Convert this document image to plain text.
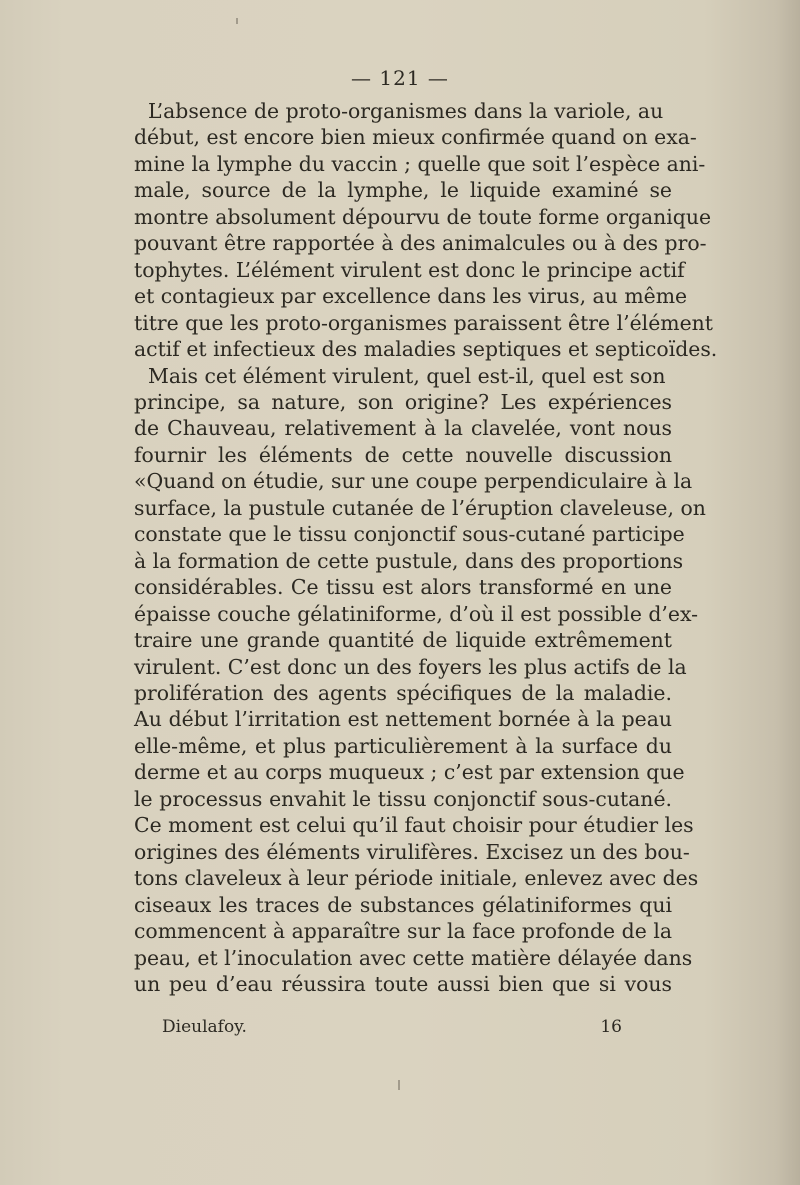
— 121 —
L’absence de proto-organismes dans la variole, au
début, est encore bien mieux confirmée quand on exa-
mine la lymphe du vaccin ; quelle que soit l’espèce ani-
male, source de la lymphe, le liquide examiné se
montre absolument dépourvu de toute forme organique
pouvant être rapportée à des animalcules ou à des pro-
tophytes. L’élément virulent est donc le principe actif
et contagieux par excellence dans les virus, au même
titre que les proto-organismes paraissent être l’élément
actif et infectieux des maladies septiques et septicoïdes.
Mais cet élément virulent, quel est-il, quel est son
principe, sa nature, son origine? Les expériences
de Chauveau, relativement à la clavelée, vont nous
fournir les éléments de cette nouvelle discussion
«Quand on étudie, sur une coupe perpendiculaire à la
surface, la pustule cutanée de l’éruption claveleuse, on
constate que le tissu conjonctif sous-cutané participe
à la formation de cette pustule, dans des proportions
considérables. Ce tissu est alors transformé en une
épaisse couche gélatiniforme, d’où il est possible d’ex-
traire une grande quantité de liquide extrêmement
virulent. C’est donc un des foyers les plus actifs de la
prolifération des agents spécifiques de la maladie.
Au début l’irritation est nettement bornée à la peau
elle-même, et plus particulièrement à la surface du
derme et au corps muqueux ; c’est par extension que
le processus envahit le tissu conjonctif sous-cutané.
Ce moment est celui qu’il faut choisir pour étudier les
origines des éléments virulifères. Excisez un des bou-
tons claveleux à leur période initiale, enlevez avec des
ciseaux les traces de substances gélatiniformes qui
commencent à apparaître sur la face profonde de la
peau, et l’inoculation avec cette matière délayée dans
un peu d’eau réussira toute aussi bien que si vous
Dieulafoy.	16
